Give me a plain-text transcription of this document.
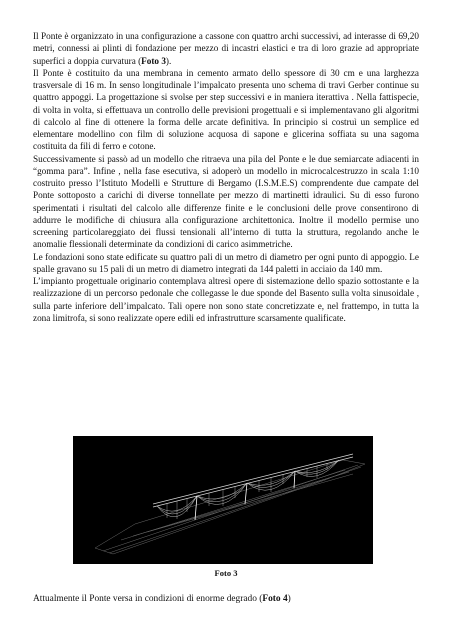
Il Ponte è organizzato in una configurazione a cassone con quattro archi successivi, ad interasse di 69,20 metri, connessi ai plinti di fondazione per mezzo di incastri elastici e tra di loro grazie ad appropriate superfici a doppia curvatura (Foto 3).

Il Ponte è costituito da una membrana in cemento armato dello spessore di 30 cm e una larghezza trasversale di 16 m. In senso longitudinale l’impalcato presenta uno schema di travi Gerber continue su quattro appoggi. La progettazione si svolse per step successivi e in maniera iterattiva . Nella fattispecie, di volta in volta, si effettuava un controllo delle previsioni progettuali e si implementavano gli algoritmi di calcolo al fine di ottenere la forma delle arcate definitiva. In principio si costruì un semplice ed elementare modellino con film di soluzione acquosa di sapone e glicerina soffiata su una sagoma costituita da fili di ferro e cotone.

Successivamente si passò ad un modello che ritraeva una pila del Ponte e le due semiarcate adiacenti in “gomma para”. Infine , nella fase esecutiva, si adoperò un modello in microcalcestruzzo in scala 1:10 costruito presso l’Istituto Modelli e Strutture di Bergamo (I.S.M.E.S) comprendente due campate del Ponte sottoposto a carichi di diverse tonnellate per mezzo di martinetti idraulici. Su di esso furono sperimentati i risultati del calcolo alle differenze finite e le conclusioni delle prove consentirono di addurre le modifiche di chiusura alla configurazione architettonica. Inoltre il modello permise uno screening particolareggiato dei flussi tensionali all’interno di tutta la struttura, regolando anche le anomalie flessionali determinate da condizioni di carico asimmetriche.

Le fondazioni sono state edificate su quattro pali di un metro di diametro per ogni punto di appoggio. Le spalle gravano su 15 pali di un metro di diametro integrati da 144 paletti in acciaio da 140 mm.

L’impianto progettuale originario contemplava altresì opere di sistemazione dello spazio sottostante e la realizzazione di un percorso pedonale che collegasse le due sponde del Basento sulla volta sinusoidale , sulla parte inferiore dell’impalcato. Tali opere non sono state concretizzate e, nel frattempo, in tutta la zona limitrofa, si sono realizzate opere edili ed infrastrutture scarsamente qualificate.

Foto 3
Attualmente il Ponte versa in condizioni di enorme degrado (Foto 4)
